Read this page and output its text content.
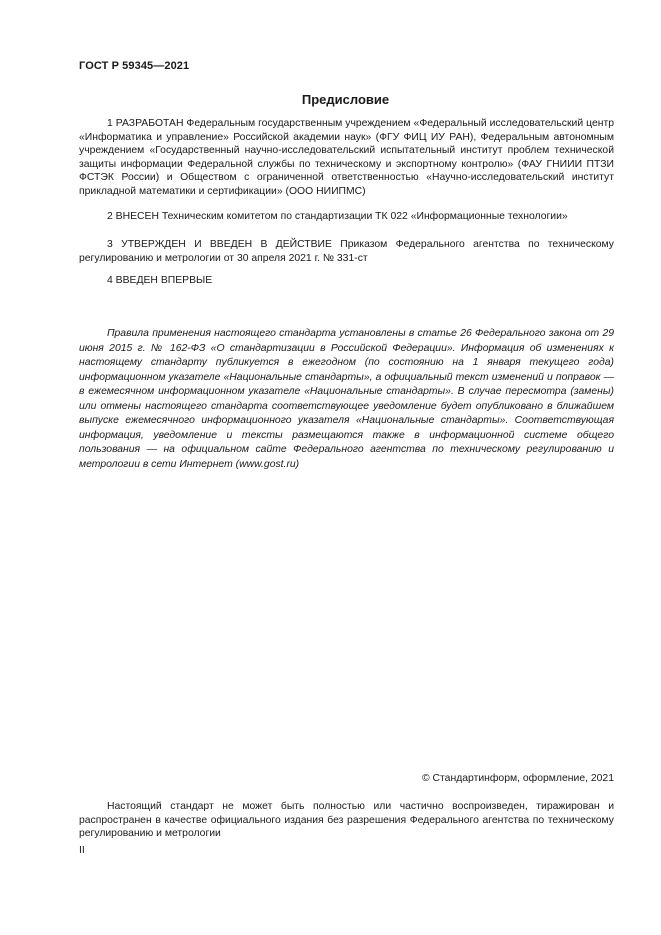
ГОСТ Р 59345—2021
Предисловие

1 РАЗРАБОТАН Федеральным государственным учреждением «Федеральный исследовательский центр «Информатика и управление» Российской академии наук» (ФГУ ФИЦ ИУ РАН), Федеральным автономным учреждением «Государственный научно-исследовательский испытательный институт проблем технической защиты информации Федеральной службы по техническому и экспортному контролю» (ФАУ ГНИИИ ПТЗИ ФСТЭК России) и Обществом с ограниченной ответственностью «Научно-исследовательский институт прикладной математики и сертификации» (ООО НИИПМС)

2 ВНЕСЕН Техническим комитетом по стандартизации ТК 022 «Информационные технологии»

3 УТВЕРЖДЕН И ВВЕДЕН В ДЕЙСТВИЕ Приказом Федерального агентства по техническому регулированию и метрологии от 30 апреля 2021 г. № 331-ст

4 ВВЕДЕН ВПЕРВЫЕ

Правила применения настоящего стандарта установлены в статье 26 Федерального закона от 29 июня 2015 г. № 162-ФЗ «О стандартизации в Российской Федерации». Информация об изменениях к настоящему стандарту публикуется в ежегодном (по состоянию на 1 января текущего года) информационном указателе «Национальные стандарты», а официальный текст изменений и поправок — в ежемесячном информационном указателе «Национальные стандарты». В случае пересмотра (замены) или отмены настоящего стандарта соответствующее уведомление будет опубликовано в ближайшем выпуске ежемесячного информационного указателя «Национальные стандарты». Соответствующая информация, уведомление и тексты размещаются также в информационной системе общего пользования — на официальном сайте Федерального агентства по техническому регулированию и метрологии в сети Интернет (www.gost.ru)

© Стандартинформ, оформление, 2021

Настоящий стандарт не может быть полностью или частично воспроизведен, тиражирован и распространен в качестве официального издания без разрешения Федерального агентства по техническому регулированию и метрологии

II
